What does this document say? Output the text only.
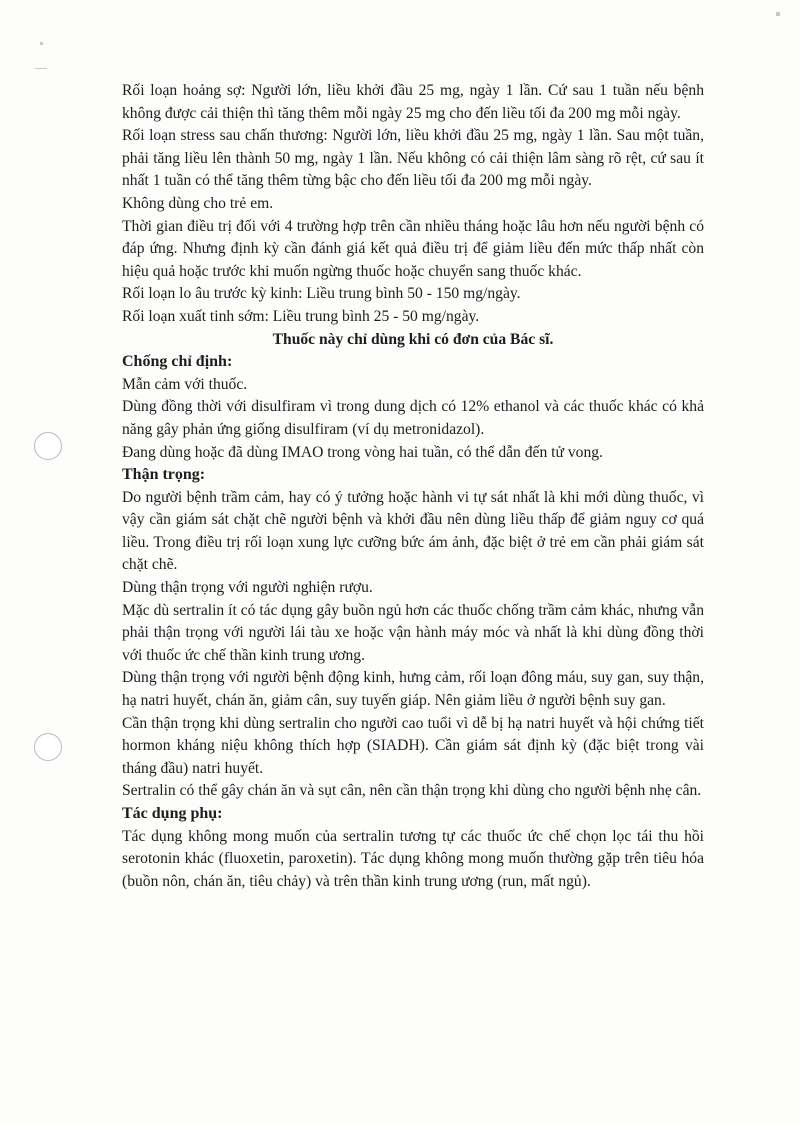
Rối loạn hoảng sợ: Người lớn, liều khởi đầu 25 mg, ngày 1 lần. Cứ sau 1 tuần nếu bệnh không được cải thiện thì tăng thêm mỗi ngày 25 mg cho đến liều tối đa 200 mg mỗi ngày.

Rối loạn stress sau chấn thương: Người lớn, liều khởi đầu 25 mg, ngày 1 lần. Sau một tuần, phải tăng liều lên thành 50 mg, ngày 1 lần. Nếu không có cải thiện lâm sàng rõ rệt, cứ sau ít nhất 1 tuần có thể tăng thêm từng bậc cho đến liều tối đa 200 mg mỗi ngày.

Không dùng cho trẻ em.

Thời gian điều trị đối với 4 trường hợp trên cần nhiều tháng hoặc lâu hơn nếu người bệnh có đáp ứng. Nhưng định kỳ cần đánh giá kết quả điều trị để giảm liều đến mức thấp nhất còn hiệu quả hoặc trước khi muốn ngừng thuốc hoặc chuyển sang thuốc khác.

Rối loạn lo âu trước kỳ kinh: Liều trung bình 50 - 150 mg/ngày.

Rối loạn xuất tinh sớm: Liều trung bình 25 - 50 mg/ngày.

Thuốc này chỉ dùng khi có đơn của Bác sĩ.

Chống chỉ định:

Mẫn cảm với thuốc.

Dùng đồng thời với disulfiram vì trong dung dịch có 12% ethanol và các thuốc khác có khả năng gây phản ứng giống disulfiram (ví dụ metronidazol).

Đang dùng hoặc đã dùng IMAO trong vòng hai tuần, có thể dẫn đến tử vong.

Thận trọng:

Do người bệnh trầm cảm, hay có ý tưởng hoặc hành vi tự sát nhất là khi mới dùng thuốc, vì vậy cần giám sát chặt chẽ người bệnh và khởi đầu nên dùng liều thấp để giảm nguy cơ quá liều. Trong điều trị rối loạn xung lực cưỡng bức ám ảnh, đặc biệt ở trẻ em cần phải giám sát chặt chẽ.

Dùng thận trọng với người nghiện rượu.

Mặc dù sertralin ít có tác dụng gây buồn ngủ hơn các thuốc chống trầm cảm khác, nhưng vẫn phải thận trọng với người lái tàu xe hoặc vận hành máy móc và nhất là khi dùng đồng thời với thuốc ức chế thần kinh trung ương.

Dùng thận trọng với người bệnh động kinh, hưng cảm, rối loạn đông máu, suy gan, suy thận, hạ natri huyết, chán ăn, giảm cân, suy tuyến giáp. Nên giảm liều ở người bệnh suy gan.

Cần thận trọng khi dùng sertralin cho người cao tuổi vì dễ bị hạ natri huyết và hội chứng tiết hormon kháng niệu không thích hợp (SIADH). Cần giám sát định kỳ (đặc biệt trong vài tháng đầu) natri huyết.

Sertralin có thể gây chán ăn và sụt cân, nên cần thận trọng khi dùng cho người bệnh nhẹ cân.

Tác dụng phụ:

Tác dụng không mong muốn của sertralin tương tự các thuốc ức chế chọn lọc tái thu hồi serotonin khác (fluoxetin, paroxetin). Tác dụng không mong muốn thường gặp trên tiêu hóa (buồn nôn, chán ăn, tiêu chảy) và trên thần kinh trung ương (run, mất ngủ).
